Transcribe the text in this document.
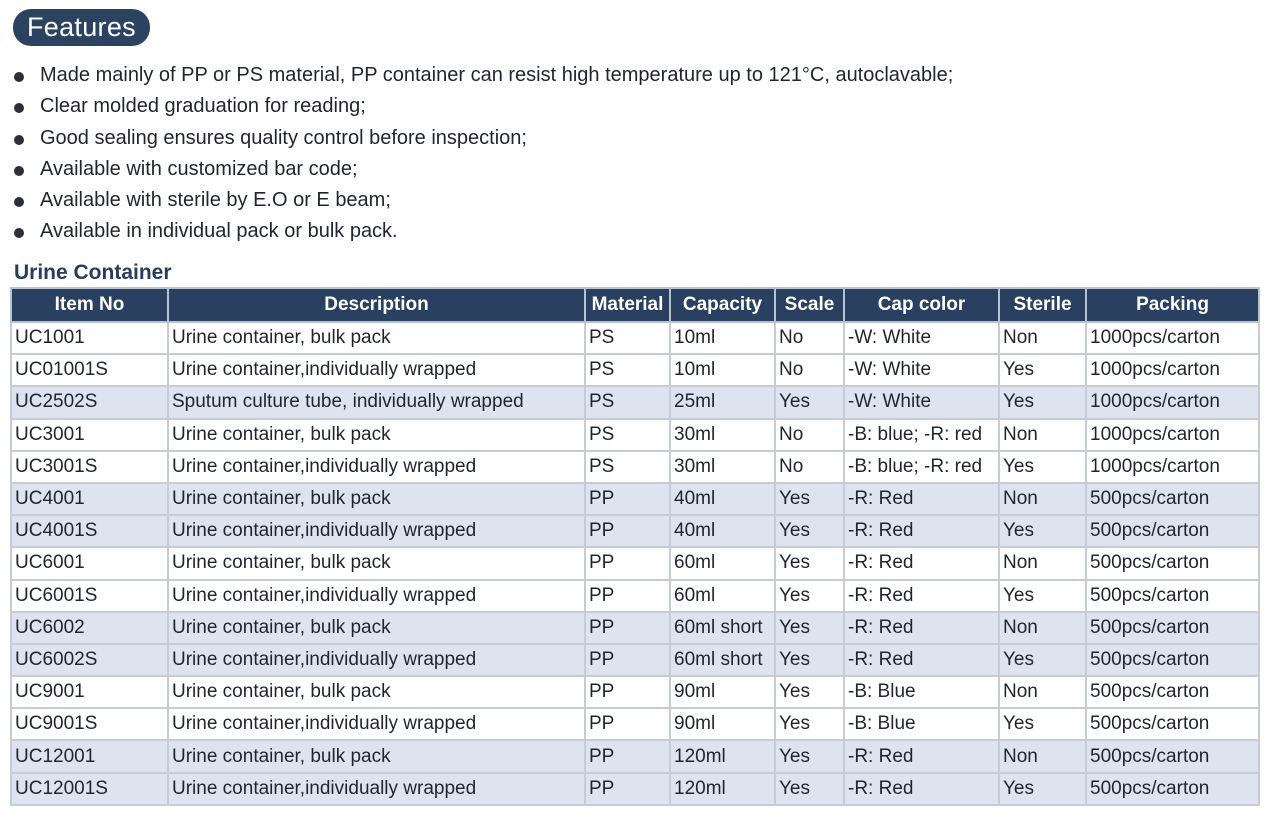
Features
Made mainly of PP or PS material, PP container can resist high temperature up to 121°C, autoclavable;
Clear molded graduation for reading;
Good sealing ensures quality control before inspection;
Available with customized bar code;
Available with sterile by E.O or E beam;
Available in individual pack or bulk pack.
Urine Container
Item No	Description	Material	Capacity	Scale	Cap color	Sterile	Packing
UC1001	Urine container, bulk pack	PS	10ml	No	-W: White	Non	1000pcs/carton
UC01001S	Urine container,individually wrapped	PS	10ml	No	-W: White	Yes	1000pcs/carton
UC2502S	Sputum culture tube, individually wrapped	PS	25ml	Yes	-W: White	Yes	1000pcs/carton
UC3001	Urine container, bulk pack	PS	30ml	No	-B: blue; -R: red	Non	1000pcs/carton
UC3001S	Urine container,individually wrapped	PS	30ml	No	-B: blue; -R: red	Yes	1000pcs/carton
UC4001	Urine container, bulk pack	PP	40ml	Yes	-R: Red	Non	500pcs/carton
UC4001S	Urine container,individually wrapped	PP	40ml	Yes	-R: Red	Yes	500pcs/carton
UC6001	Urine container, bulk pack	PP	60ml	Yes	-R: Red	Non	500pcs/carton
UC6001S	Urine container,individually wrapped	PP	60ml	Yes	-R: Red	Yes	500pcs/carton
UC6002	Urine container, bulk pack	PP	60ml short	Yes	-R: Red	Non	500pcs/carton
UC6002S	Urine container,individually wrapped	PP	60ml short	Yes	-R: Red	Yes	500pcs/carton
UC9001	Urine container, bulk pack	PP	90ml	Yes	-B: Blue	Non	500pcs/carton
UC9001S	Urine container,individually wrapped	PP	90ml	Yes	-B: Blue	Yes	500pcs/carton
UC12001	Urine container, bulk pack	PP	120ml	Yes	-R: Red	Non	500pcs/carton
UC12001S	Urine container,individually wrapped	PP	120ml	Yes	-R: Red	Yes	500pcs/carton
